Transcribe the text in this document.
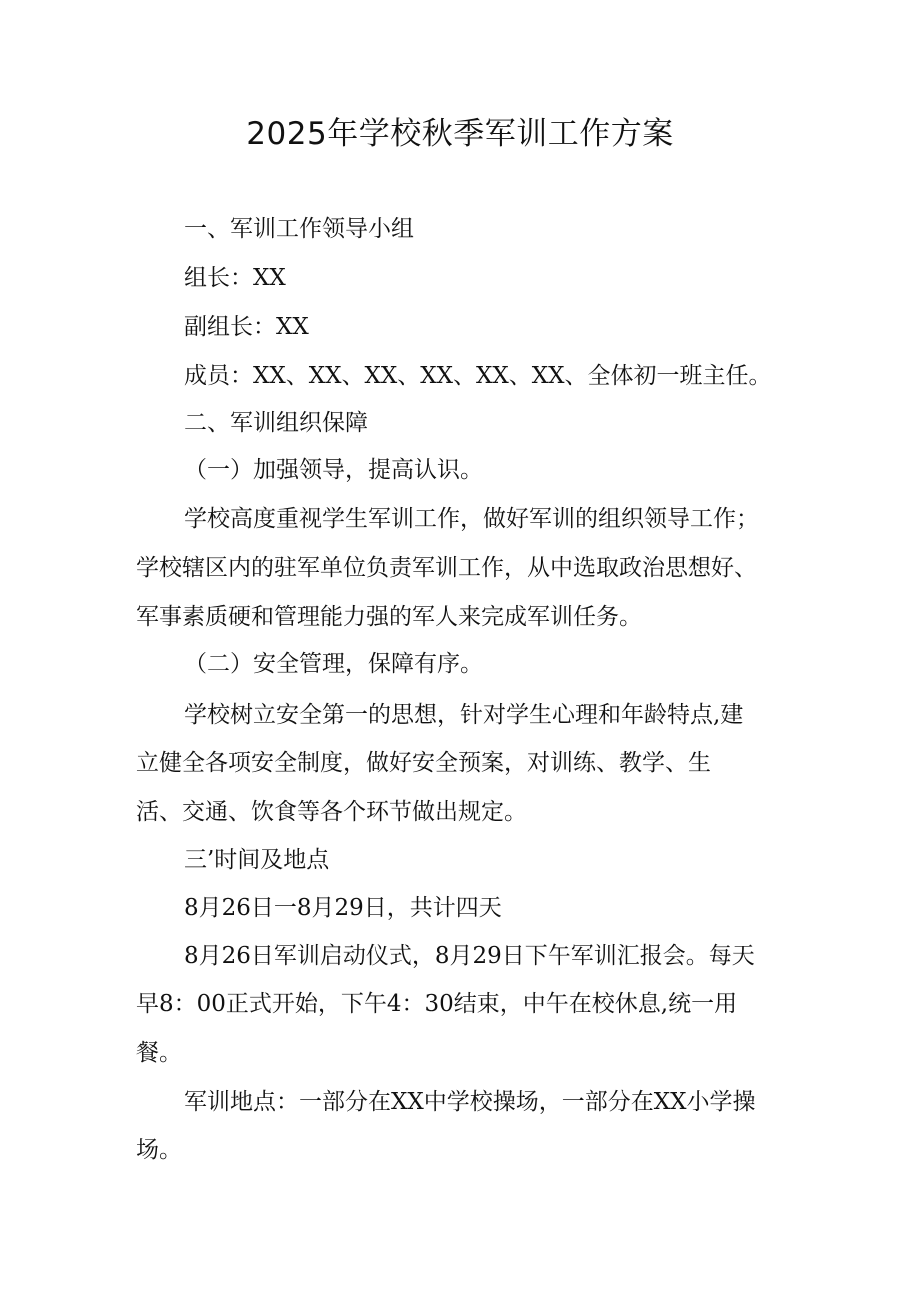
2025年学校秋季军训工作方案

一、军训工作领导小组

组长：XX

副组长：XX

成员：XX、XX、XX、XX、XX、XX、全体初一班主任。

二、军训组织保障

（一）加强领导，提高认识。

学校高度重视学生军训工作，做好军训的组织领导工作；

学校辖区内的驻军单位负责军训工作，从中选取政治思想好、

军事素质硬和管理能力强的军人来完成军训任务。

（二）安全管理，保障有序。

学校树立安全第一的思想，针对学生心理和年龄特点,建

立健全各项安全制度，做好安全预案，对训练、教学、生

活、交通、饮食等各个环节做出规定。

三’时间及地点

8月26日一8月29日，共计四天

8月26日军训启动仪式，8月29日下午军训汇报会。每天

早8：00正式开始，下午4：30结束，中午在校休息,统一用

餐。

军训地点：一部分在XX中学校操场，一部分在XX小学操

场。
